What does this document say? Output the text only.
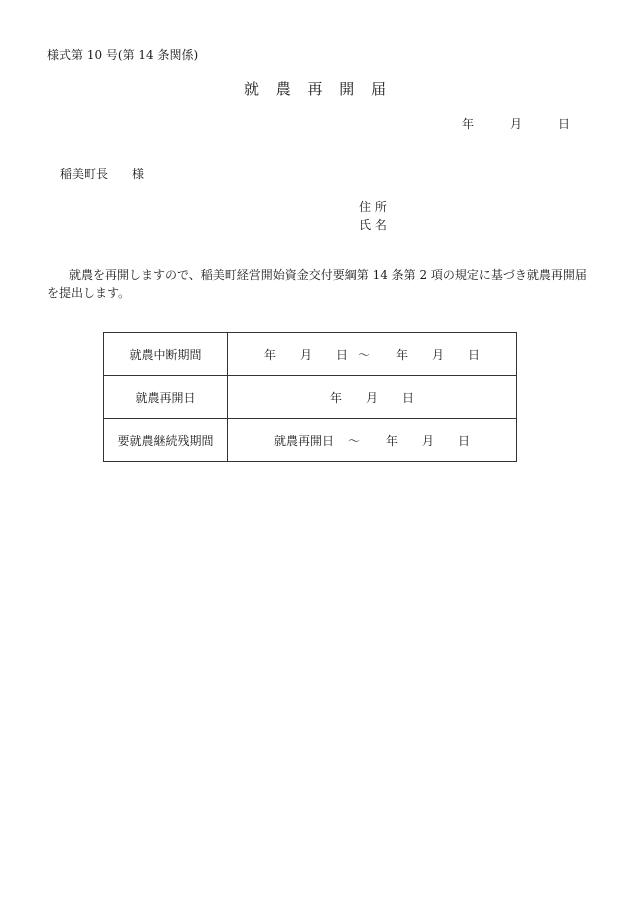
様式第 10 号(第 14 条関係)
就 農 再 開 届
年	月	日
稲美町長 様
住 所
氏 名
就農を再開しますので、稲美町経営開始資金交付要綱第 14 条第 2 項の規定に基づき就農再開届を提出します。
就農中断期間	年 月 日 ～ 年 月 日
就農再開日	年 月 日
要就農継続残期間	就農再開日 ～ 年 月 日
